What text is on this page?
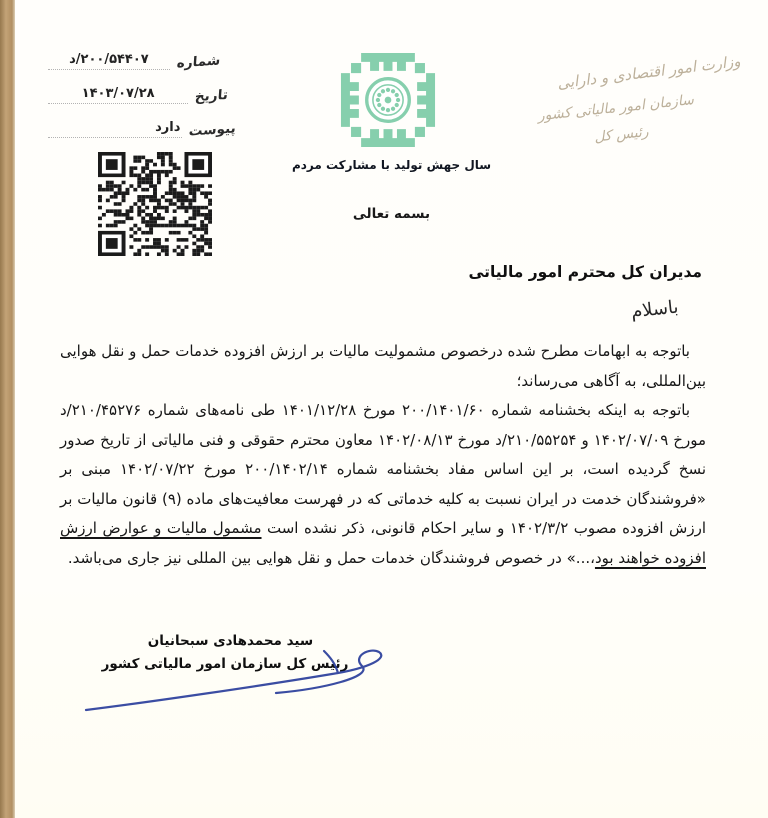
وزارت امور اقتصادی و دارایی
سازمان امور مالیاتی کشور
رئیس کل
شماره
۲۰۰/۵۴۴۰۷/د
تاریخ
۱۴۰۳/۰۷/۲۸
پیوست
دارد
سال جهش تولید با مشارکت مردم
بسمه تعالی
مدیران کل محترم امور مالیاتی
باسلام

باتوجه به ابهامات مطرح شده درخصوص مشمولیت مالیات بر ارزش افزوده خدمات حمل و نقل هوایی بین‌المللی، به آگاهی می‌رساند؛

باتوجه به اینکه بخشنامه شماره ۲۰۰/۱۴۰۱/۶۰ مورخ ۱۴۰۱/۱۲/۲۸ طی نامه‌های شماره ۲۱۰/۴۵۲۷۶/د مورخ ۱۴۰۲/۰۷/۰۹ و ۲۱۰/۵۵۲۵۴/د مورخ ۱۴۰۲/۰۸/۱۳ معاون محترم حقوقی و فنی مالیاتی از تاریخ صدور نسخ گردیده است، بر این اساس مفاد بخشنامه شماره ۲۰۰/۱۴۰۲/۱۴ مورخ ۱۴۰۲/۰۷/۲۲ مبنی بر «فروشندگان خدمت در ایران نسبت به کلیه خدماتی که در فهرست معافیت‌های ماده (۹) قانون مالیات بر ارزش افزوده مصوب ۱۴۰۲/۳/۲ و سایر احکام قانونی، ذکر نشده است مشمول مالیات و عوارض ارزش افزوده خواهند بود،...» در خصوص فروشندگان خدمات حمل و نقل هوایی بین المللی نیز جاری می‌باشد.

سید محمدهادی سبحانیان
رئیس کل سازمان امور مالیاتی کشور
